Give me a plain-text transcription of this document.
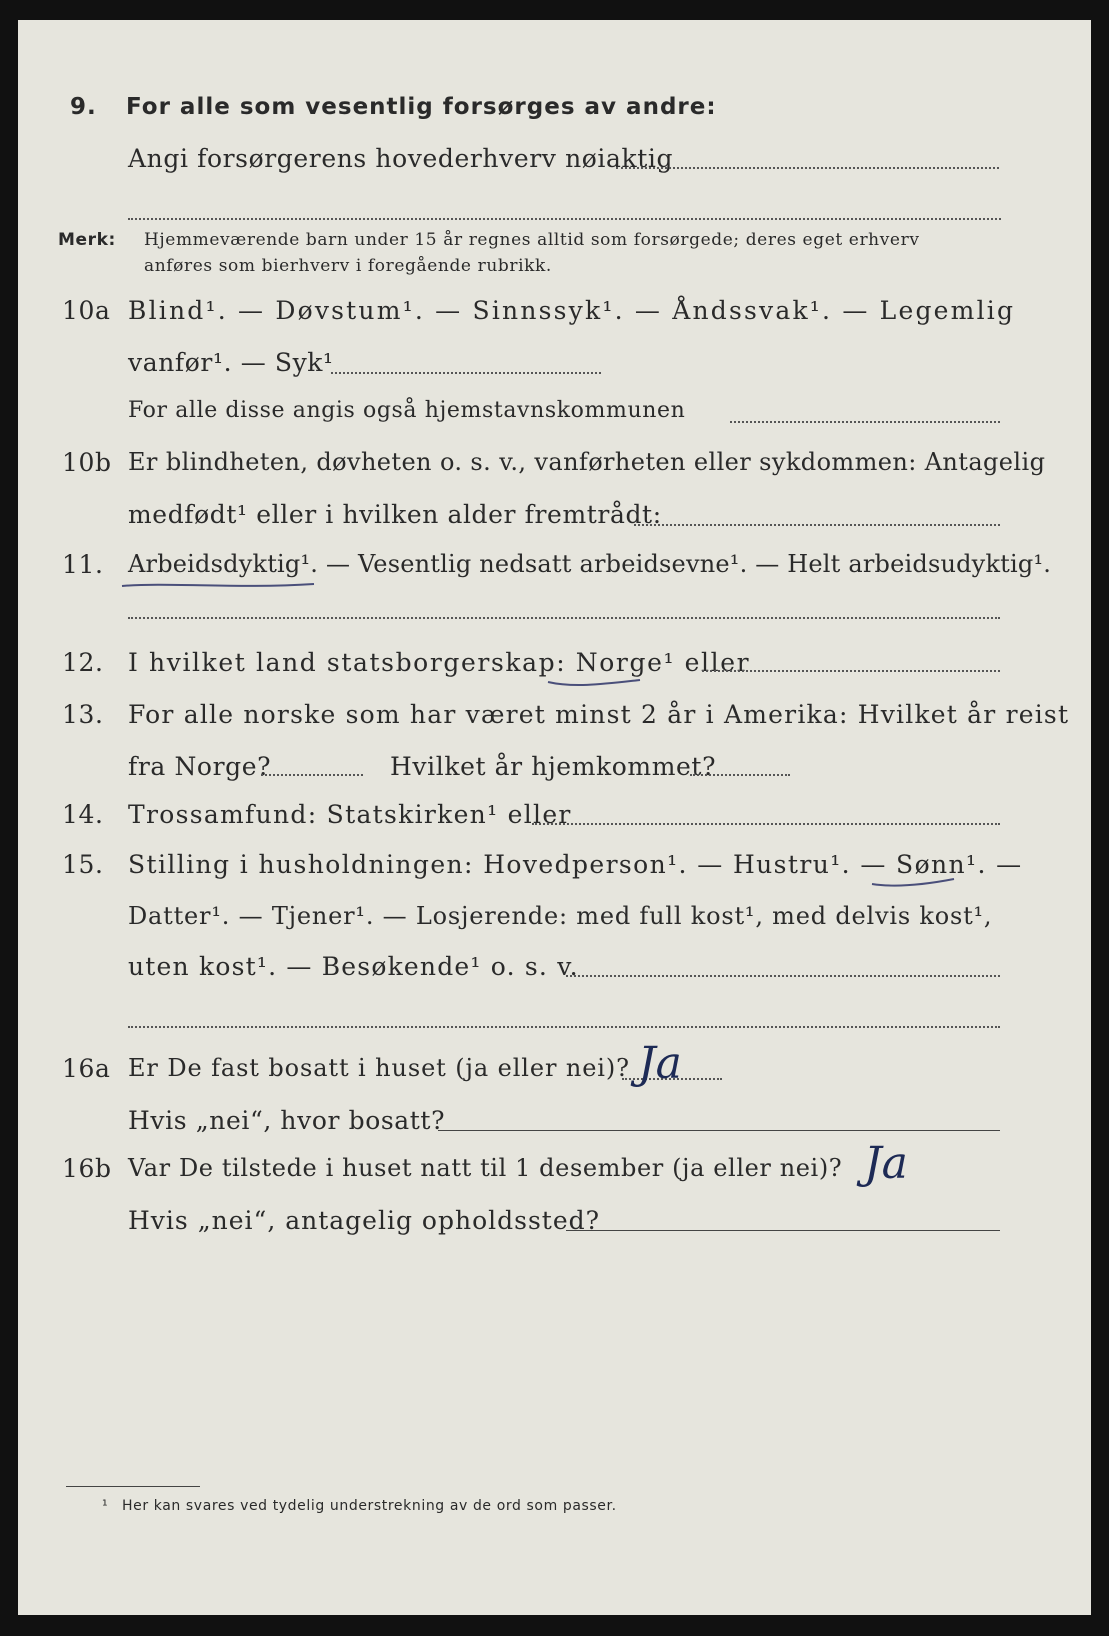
9. For alle som vesentlig forsørges av andre:
Angi forsørgerens hovederhverv nøiaktig
Merk: Hjemmeværende barn under 15 år regnes alltid som forsørgede; deres eget erhverv
anføres som bierhverv i foregående rubrikk.
10a Blind¹. — Døvstum¹. — Sinnssyk¹. — Åndssvak¹. — Legemlig
vanfør¹. — Syk¹
For alle disse angis også hjemstavnskommunen
10b Er blindheten, døvheten o. s. v., vanførheten eller sykdommen: Antagelig
medfødt¹ eller i hvilken alder fremtrådt:
11. Arbeidsdyktig¹. — Vesentlig nedsatt arbeidsevne¹. — Helt arbeidsudyktig¹.
12. I hvilket land statsborgerskap: Norge¹ eller
13. For alle norske som har været minst 2 år i Amerika: Hvilket år reist
fra Norge?	Hvilket år hjemkommet?
14. Trossamfund: Statskirken¹ eller
15. Stilling i husholdningen: Hovedperson¹. — Hustru¹. — Sønn¹. —
Datter¹. — Tjener¹. — Losjerende: med full kost¹, med delvis kost¹,
uten kost¹. — Besøkende¹ o. s. v.
16a Er De fast bosatt i huset (ja eller nei)? Ja
Hvis „nei“, hvor bosatt?
16b Var De tilstede i huset natt til 1 desember (ja eller nei)? Ja
Hvis „nei“, antagelig opholdssted?
¹ Her kan svares ved tydelig understrekning av de ord som passer.
